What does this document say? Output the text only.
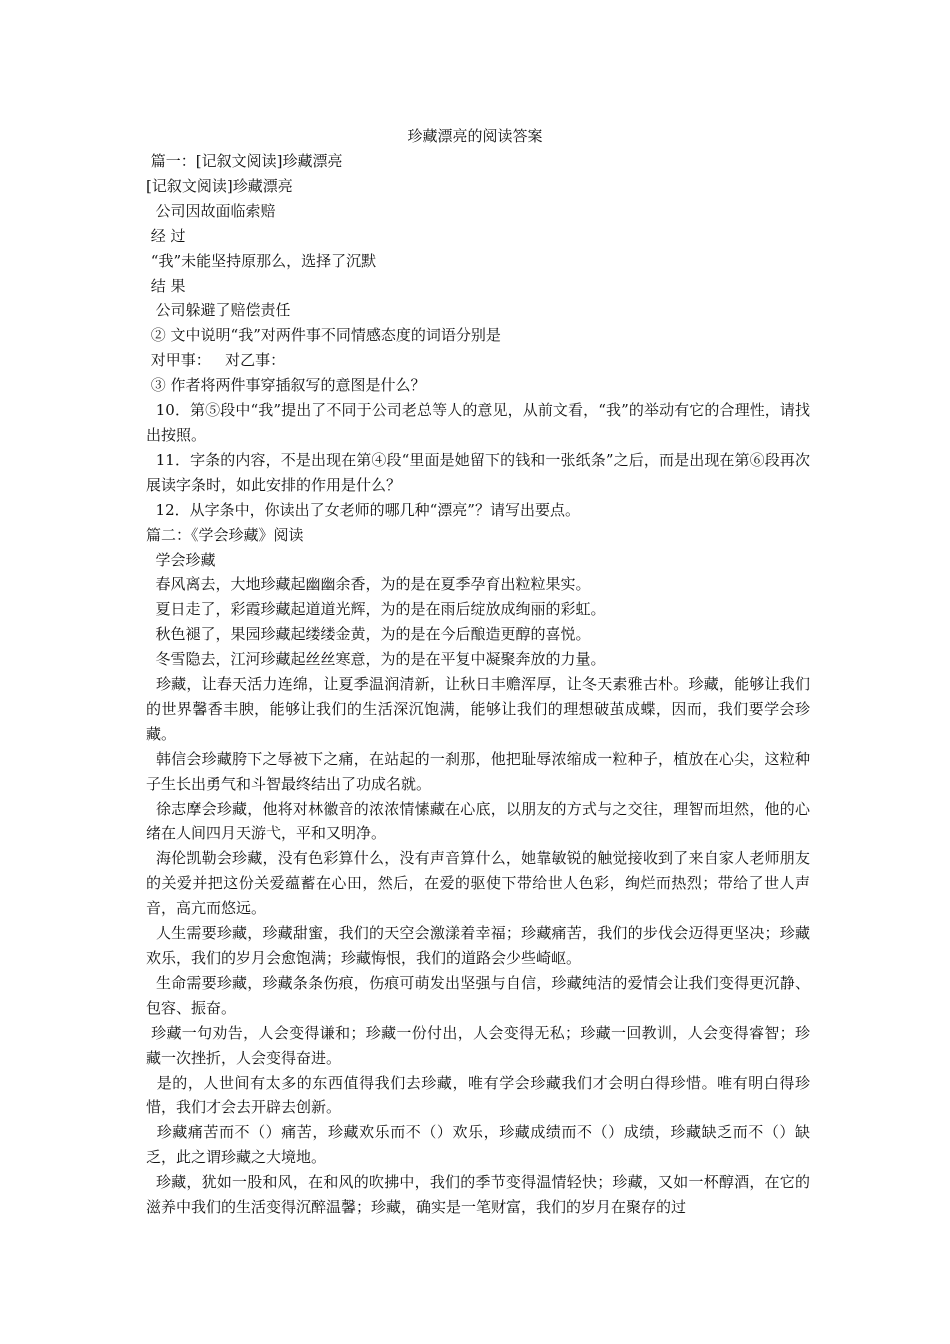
珍藏漂亮的阅读答案

篇一：[记叙文阅读]珍藏漂亮

[记叙文阅读]珍藏漂亮

公司因故面临索赔

经 过

“我”未能坚持原那么，选择了沉默

结 果

公司躲避了赔偿责任

② 文中说明“我”对两件事不同情感态度的词语分别是

对甲事：   对乙事：

③ 作者将两件事穿插叙写的意图是什么？

10．第⑤段中“我”提出了不同于公司老总等人的意见，从前文看，“我”的举动有它的合理性，请找出按照。

11．字条的内容，不是出现在第④段“里面是她留下的钱和一张纸条”之后，而是出现在第⑥段再次展读字条时，如此安排的作用是什么？

12．从字条中，你读出了女老师的哪几种“漂亮”？请写出要点。

篇二：《学会珍藏》阅读

学会珍藏

春风离去，大地珍藏起幽幽余香，为的是在夏季孕育出粒粒果实。

夏日走了，彩霞珍藏起道道光辉，为的是在雨后绽放成绚丽的彩虹。

秋色褪了，果园珍藏起缕缕金黄，为的是在今后酿造更醇的喜悦。

冬雪隐去，江河珍藏起丝丝寒意，为的是在平复中凝聚奔放的力量。

珍藏，让春天活力连绵，让夏季温润清新，让秋日丰赡浑厚，让冬天素雅古朴。珍藏，能够让我们的世界馨香丰腴，能够让我们的生活深沉饱满，能够让我们的理想破茧成蝶，因而，我们要学会珍藏。

韩信会珍藏胯下之辱被下之痛，在站起的一刹那，他把耻辱浓缩成一粒种子，植放在心尖，这粒种子生长出勇气和斗智最终结出了功成名就。

徐志摩会珍藏，他将对林徽音的浓浓情愫藏在心底，以朋友的方式与之交往，理智而坦然，他的心绪在人间四月天游弋，平和又明净。

海伦凯勒会珍藏，没有色彩算什么，没有声音算什么，她靠敏锐的触觉接收到了来自家人老师朋友的关爱并把这份关爱蕴蓄在心田，然后，在爱的驱使下带给世人色彩，绚烂而热烈；带给了世人声音，高亢而悠远。

人生需要珍藏，珍藏甜蜜，我们的天空会激漾着幸福；珍藏痛苦，我们的步伐会迈得更坚决；珍藏欢乐，我们的岁月会愈饱满；珍藏悔恨，我们的道路会少些崎岖。

生命需要珍藏，珍藏条条伤痕，伤痕可萌发出坚强与自信，珍藏纯洁的爱情会让我们变得更沉静、包容、振奋。

珍藏一句劝告，人会变得谦和；珍藏一份付出，人会变得无私；珍藏一回教训，人会变得睿智；珍藏一次挫折，人会变得奋进。

是的，人世间有太多的东西值得我们去珍藏，唯有学会珍藏我们才会明白得珍惜。唯有明白得珍惜，我们才会去开辟去创新。

珍藏痛苦而不（）痛苦，珍藏欢乐而不（）欢乐，珍藏成绩而不（）成绩，珍藏缺乏而不（）缺乏，此之谓珍藏之大境地。

珍藏，犹如一股和风，在和风的吹拂中，我们的季节变得温情轻快；珍藏，又如一杯醇酒，在它的滋养中我们的生活变得沉醉温馨；珍藏，确实是一笔财富，我们的岁月在聚存的过
